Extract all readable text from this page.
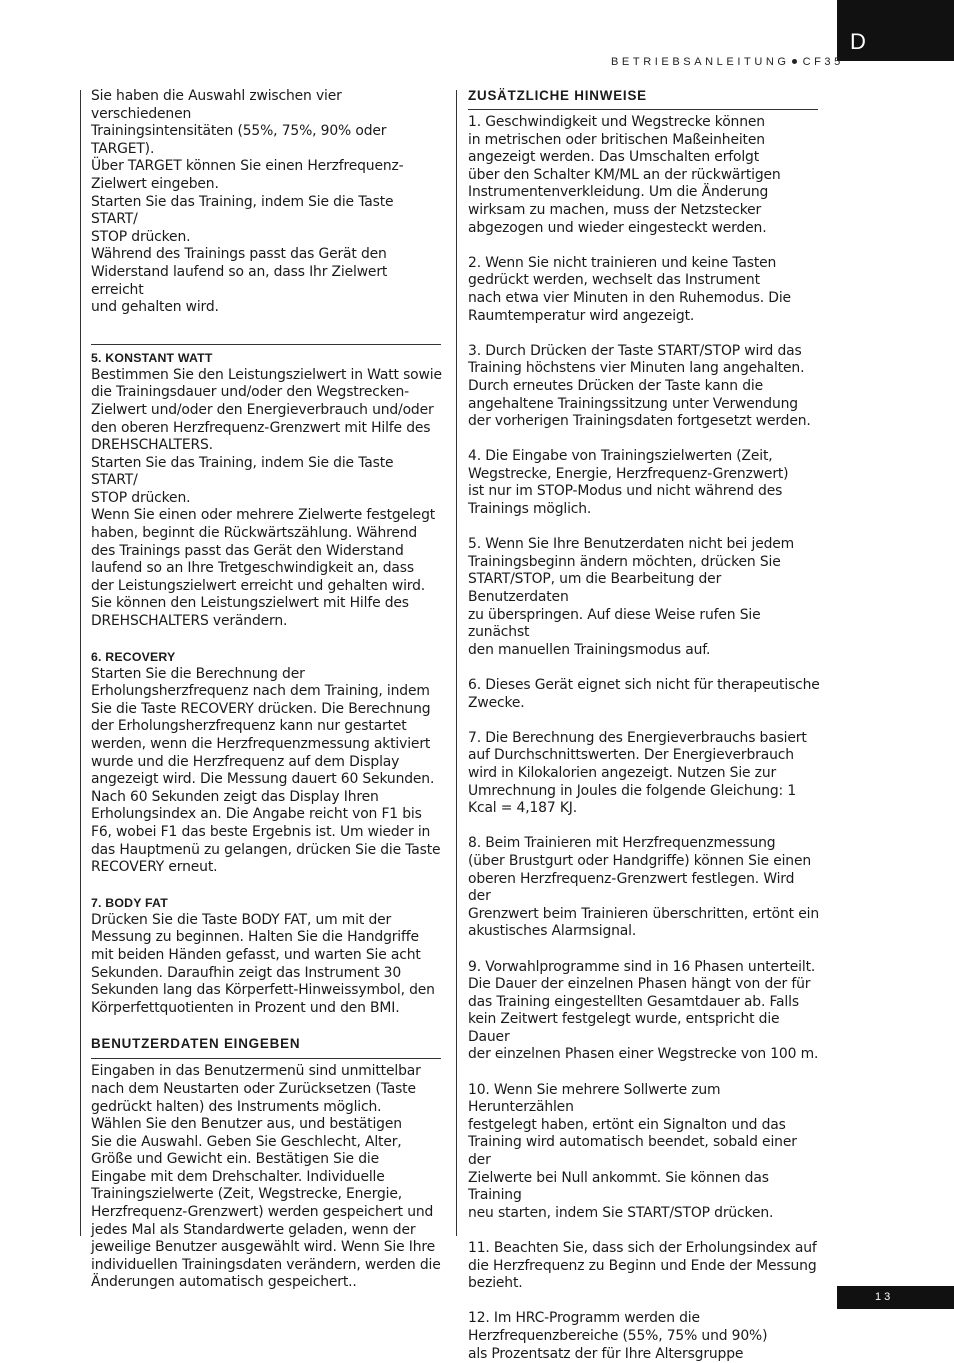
D
BETRIEBSANLEITUNG CF35

Sie haben die Auswahl zwischen vier verschiedenen
Trainingsintensitäten (55%, 75%, 90% oder TARGET).
Über TARGET können Sie einen Herzfrequenz-
Zielwert eingeben.
Starten Sie das Training, indem Sie die Taste START/
STOP drücken.
Während des Trainings passt das Gerät den
Widerstand laufend so an, dass Ihr Zielwert erreicht
und gehalten wird.

5. KONSTANT WATT

Bestimmen Sie den Leistungszielwert in Watt sowie
die Trainingsdauer und/oder den Wegstrecken-
Zielwert und/oder den Energieverbrauch und/oder
den oberen Herzfrequenz-Grenzwert mit Hilfe des
DREHSCHALTERS.
Starten Sie das Training, indem Sie die Taste START/
STOP drücken.
Wenn Sie einen oder mehrere Zielwerte festgelegt
haben, beginnt die Rückwärtszählung. Während
des Trainings passt das Gerät den Widerstand
laufend so an Ihre Tretgeschwindigkeit an, dass
der Leistungszielwert erreicht und gehalten wird.
Sie können den Leistungszielwert mit Hilfe des
DREHSCHALTERS verändern.

6. RECOVERY

Starten Sie die Berechnung der
Erholungsherzfrequenz nach dem Training, indem
Sie die Taste RECOVERY drücken. Die Berechnung
der Erholungsherzfrequenz kann nur gestartet
werden, wenn die Herzfrequenzmessung aktiviert
wurde und die Herzfrequenz auf dem Display
angezeigt wird. Die Messung dauert 60 Sekunden.
Nach 60 Sekunden zeigt das Display Ihren
Erholungsindex an. Die Angabe reicht von F1 bis
F6, wobei F1 das beste Ergebnis ist. Um wieder in
das Hauptmenü zu gelangen, drücken Sie die Taste
RECOVERY erneut.

7. BODY FAT

Drücken Sie die Taste BODY FAT, um mit der
Messung zu beginnen. Halten Sie die Handgriffe
mit beiden Händen gefasst, und warten Sie acht
Sekunden. Daraufhin zeigt das Instrument 30
Sekunden lang das Körperfett-Hinweissymbol, den
Körperfettquotienten in Prozent und den BMI.

BENUTZERDATEN EINGEBEN

Eingaben in das Benutzermenü sind unmittelbar
nach dem Neustarten oder Zurücksetzen (Taste
gedrückt halten) des Instruments möglich.
Wählen Sie den Benutzer aus, und bestätigen
Sie die Auswahl. Geben Sie Geschlecht, Alter,
Größe und Gewicht ein. Bestätigen Sie die
Eingabe mit dem Drehschalter. Individuelle
Trainingszielwerte (Zeit, Wegstrecke, Energie,
Herzfrequenz-Grenzwert) werden gespeichert und
jedes Mal als Standardwerte geladen, wenn der
jeweilige Benutzer ausgewählt wird. Wenn Sie Ihre
individuellen Trainingsdaten verändern, werden die
Änderungen automatisch gespeichert..

ZUSÄTZLICHE HINWEISE

1. Geschwindigkeit und Wegstrecke können
in metrischen oder britischen Maßeinheiten
angezeigt werden. Das Umschalten erfolgt
über den Schalter KM/ML an der rückwärtigen
Instrumentenverkleidung. Um die Änderung
wirksam zu machen, muss der Netzstecker
abgezogen und wieder eingesteckt werden.

2. Wenn Sie nicht trainieren und keine Tasten
gedrückt werden, wechselt das Instrument
nach etwa vier Minuten in den Ruhemodus. Die
Raumtemperatur wird angezeigt.

3. Durch Drücken der Taste START/STOP wird das
Training höchstens vier Minuten lang angehalten.
Durch erneutes Drücken der Taste kann die
angehaltene Trainingssitzung unter Verwendung
der vorherigen Trainingsdaten fortgesetzt werden.

4. Die Eingabe von Trainingszielwerten (Zeit,
Wegstrecke, Energie, Herzfrequenz-Grenzwert)
ist nur im STOP-Modus und nicht während des
Trainings möglich.

5. Wenn Sie Ihre Benutzerdaten nicht bei jedem
Trainingsbeginn ändern möchten, drücken Sie
START/STOP, um die Bearbeitung der Benutzerdaten
zu überspringen. Auf diese Weise rufen Sie zunächst
den manuellen Trainingsmodus auf.

6. Dieses Gerät eignet sich nicht für therapeutische
Zwecke.

7. Die Berechnung des Energieverbrauchs basiert
auf Durchschnittswerten. Der Energieverbrauch
wird in Kilokalorien angezeigt. Nutzen Sie zur
Umrechnung in Joules die folgende Gleichung: 1
Kcal = 4,187 KJ.

8. Beim Trainieren mit Herzfrequenzmessung
(über Brustgurt oder Handgriffe) können Sie einen
oberen Herzfrequenz-Grenzwert festlegen. Wird der
Grenzwert beim Trainieren überschritten, ertönt ein
akustisches Alarmsignal.

9. Vorwahlprogramme sind in 16 Phasen unterteilt.
Die Dauer der einzelnen Phasen hängt von der für
das Training eingestellten Gesamtdauer ab. Falls
kein Zeitwert festgelegt wurde, entspricht die Dauer
der einzelnen Phasen einer Wegstrecke von 100 m.

10. Wenn Sie mehrere Sollwerte zum Herunterzählen
festgelegt haben, ertönt ein Signalton und das
Training wird automatisch beendet, sobald einer der
Zielwerte bei Null ankommt. Sie können das Training
neu starten, indem Sie START/STOP drücken.

11. Beachten Sie, dass sich der Erholungsindex auf
die Herzfrequenz zu Beginn und Ende der Messung
bezieht.

12. Im HRC-Programm werden die
Herzfrequenzbereiche (55%, 75% und 90%)
als Prozentsatz der für Ihre Altersgruppe

13
